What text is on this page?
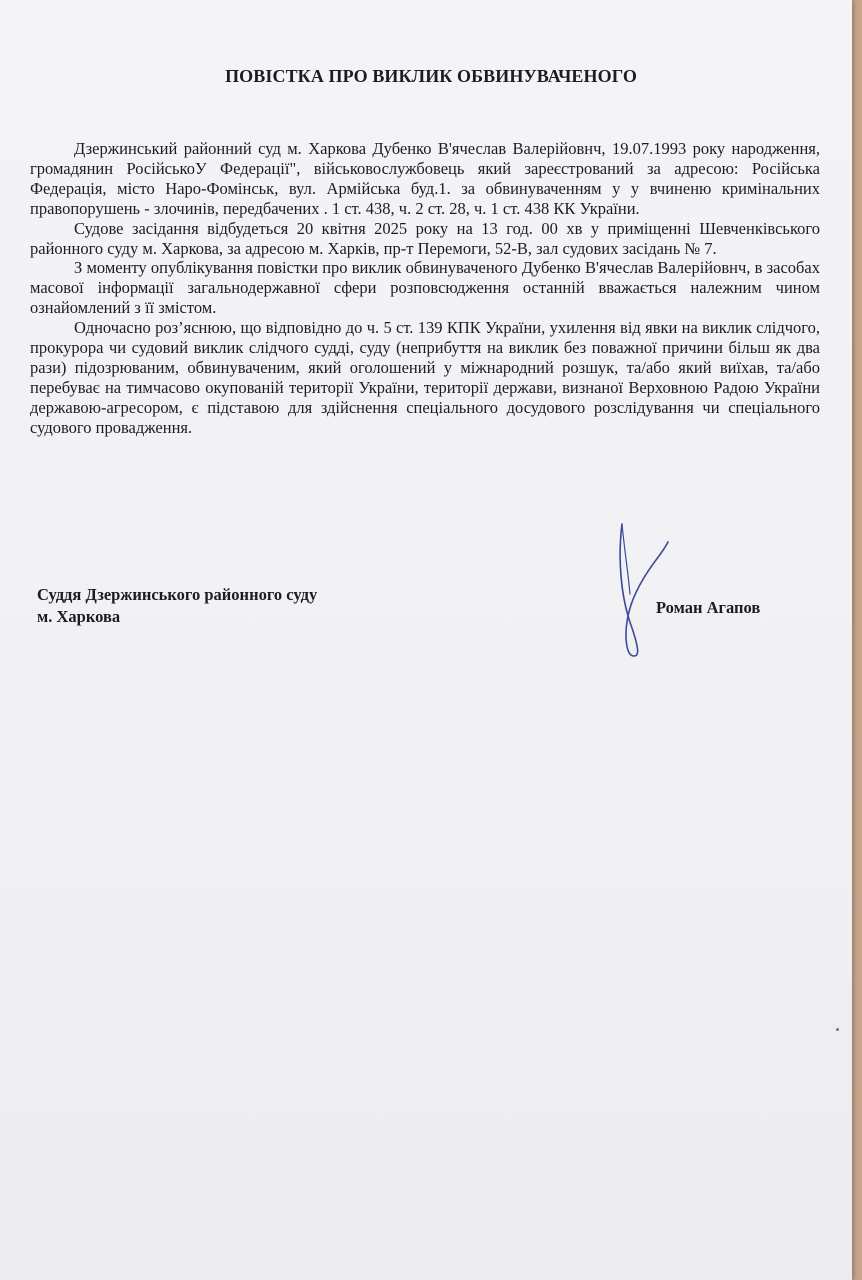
ПОВІСТКА ПРО ВИКЛИК ОБВИНУВАЧЕНОГО

Дзержинський районний суд м. Харкова Дубенко В'ячеслав Валерійовнч, 19.07.1993 року народження, громадянин РосійськоУ Федерації", військовослужбовець який зареєстрований за адресою: Російська Федерація, місто Наро-Фомінськ, вул. Армійська буд.1. за обвинуваченням у у вчиненю кримінальних правопорушень - злочинів, передбачених . 1 ст. 438, ч. 2 ст. 28, ч. 1 ст. 438 КК України.

Судове засідання відбудеться 20 квітня 2025 року на 13 год. 00 хв у приміщенні Шевченківського районного суду м. Харкова, за адресою м. Харків, пр-т Перемоги, 52-В, зал судових засідань № 7.

З моменту опублікування повістки про виклик обвинуваченого Дубенко В'ячеслав Валерійовнч, в засобах масової інформації загальнодержавної сфери розповсюдження останній вважається належним чином ознайомлений з її змістом.

Одночасно роз’яснюю, що відповідно до ч. 5 ст. 139 КПК України, ухилення від явки на виклик слідчого, прокурора чи судовий виклик слідчого судді, суду (неприбуття на виклик без поважної причини більш як два рази) підозрюваним, обвинуваченим, який оголошений у міжнародний розшук, та/або який виїхав, та/або перебуває на тимчасово окупованій території України, території держави, визнаної Верховною Радою України державою-агресором, є підставою для здійснення спеціального досудового розслідування чи спеціального судового провадження.

Суддя Дзержинського районного суду
м. Харкова	Роман Агапов
